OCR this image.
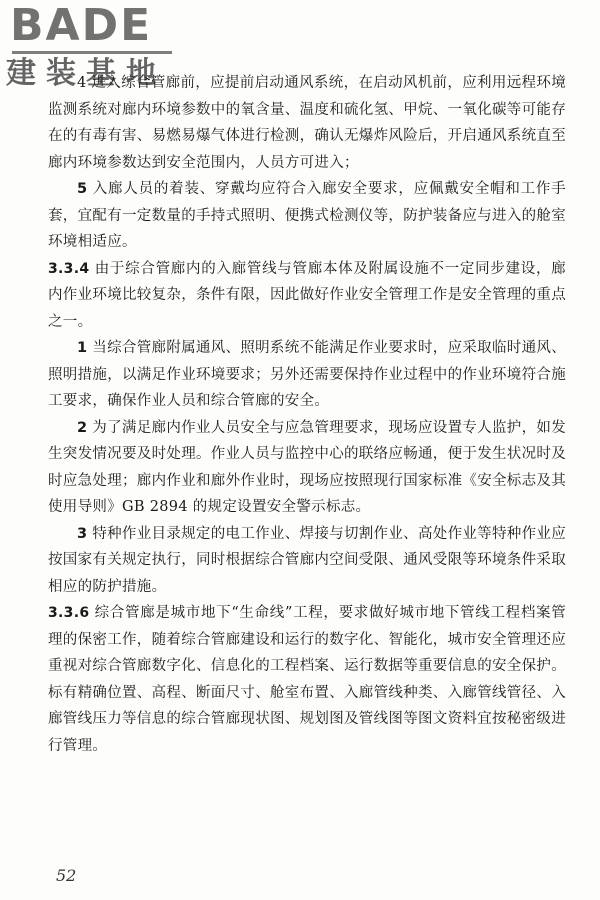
BADE
建装基地

4 进入综合管廊前，应提前启动通风系统，在启动风机前，应利用远程环境监测系统对廊内环境参数中的氧含量、温度和硫化氢、甲烷、一氧化碳等可能存在的有毒有害、易燃易爆气体进行检测，确认无爆炸风险后，开启通风系统直至廊内环境参数达到安全范围内，人员方可进入；

5 入廊人员的着装、穿戴均应符合入廊安全要求，应佩戴安全帽和工作手套，宜配有一定数量的手持式照明、便携式检测仪等，防护装备应与进入的舱室环境相适应。

3.3.4 由于综合管廊内的入廊管线与管廊本体及附属设施不一定同步建设，廊内作业环境比较复杂，条件有限，因此做好作业安全管理工作是安全管理的重点之一。

1 当综合管廊附属通风、照明系统不能满足作业要求时，应采取临时通风、照明措施，以满足作业环境要求；另外还需要保持作业过程中的作业环境符合施工要求，确保作业人员和综合管廊的安全。

2 为了满足廊内作业人员安全与应急管理要求，现场应设置专人监护，如发生突发情况要及时处理。作业人员与监控中心的联络应畅通，便于发生状况时及时应急处理；廊内作业和廊外作业时，现场应按照现行国家标准《安全标志及其使用导则》GB 2894 的规定设置安全警示标志。

3 特种作业目录规定的电工作业、焊接与切割作业、高处作业等特种作业应按国家有关规定执行，同时根据综合管廊内空间受限、通风受限等环境条件采取相应的防护措施。

3.3.6 综合管廊是城市地下“生命线”工程，要求做好城市地下管线工程档案管理的保密工作，随着综合管廊建设和运行的数字化、智能化，城市安全管理还应重视对综合管廊数字化、信息化的工程档案、运行数据等重要信息的安全保护。标有精确位置、高程、断面尺寸、舱室布置、入廊管线种类、入廊管线管径、入廊管线压力等信息的综合管廊现状图、规划图及管线图等图文资料宜按秘密级进行管理。

52
